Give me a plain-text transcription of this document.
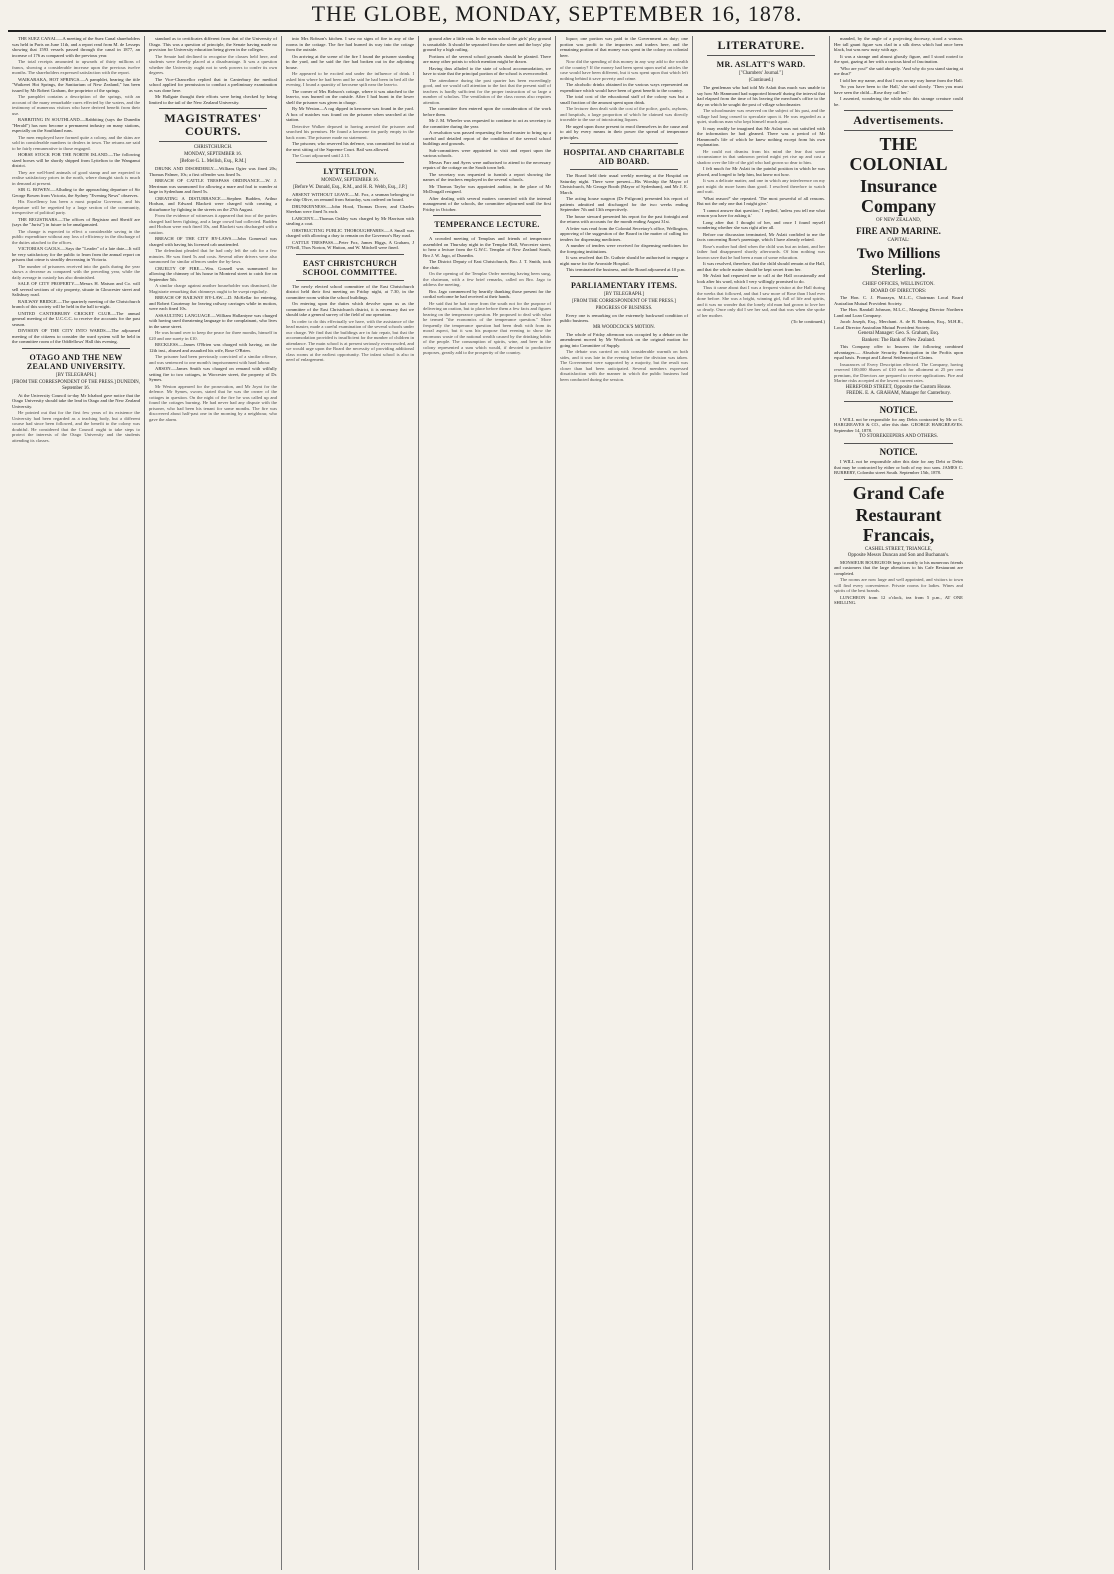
THE GLOBE, MONDAY, SEPTEMBER 16, 1878.

THE SUEZ CANAL.—A meeting of the Suez Canal shareholders was held in Paris on June 11th, and a report read from M. de Lesseps showing that 1593 vessels passed through the canal in 1877, an increase of 176 as compared with the previous year.

The total receipts amounted to upwards of thirty millions of francs, showing a considerable increase upon the previous twelve months. The shareholders expressed satisfaction with the report.

WAIKARAKA, HOT SPRINGS.—A pamphlet, bearing the title "Waikerei Hot Springs, the Sanitarium of New Zealand," has been issued by Mr Robert Graham, the proprietor of the springs.

The pamphlet contains a description of the springs, with an account of the many remarkable cures effected by the waters, and the testimony of numerous visitors who have derived benefit from their use.

RABBITING IN SOUTHLAND.—Rabbiting (says the Dunedin "Herald") has now become a permanent industry on many stations, especially on the Southland runs.

The men employed have formed quite a colony, and the skins are sold in considerable numbers to dealers in town. The returns are said to be fairly remunerative to those engaged.

HORSE STOCK FOR THE NORTH ISLAND.—The following sized horses will be shortly shipped from Lyttelton to the Wanganui district.

They are well-bred animals of good stamp and are expected to realise satisfactory prices in the north, where draught stock is much in demand at present.

SIR G. BOWEN.—Alluding to the approaching departure of Sir George Bowen from Victoria, the Sydney "Evening News" observes.

His Excellency has been a most popular Governor, and his departure will be regretted by a large section of the community, irrespective of political party.

THE REGISTRARS.—The offices of Registrar and Sheriff are (says the "Jurist") in future to be amalgamated.

The change is expected to effect a considerable saving in the public expenditure without any loss of efficiency in the discharge of the duties attached to the offices.

VICTORIAN GAOLS.—Says the "Leader" of a late date—It will be very satisfactory for the public to learn from the annual report on prisons that crime is steadily decreasing in Victoria.

The number of prisoners received into the gaols during the year shows a decrease as compared with the preceding year, while the daily average in custody has also diminished.

SALE OF CITY PROPERTY.—Messrs H. Matson and Co. will sell several sections of city property, situate in Gloucester street and Salisbury road.

RAILWAY BRIDGE.—The quarterly meeting of the Christchurch branch of this society will be held in the hall to-night.

UNITED CANTERBURY CRICKET CLUB.—The annual general meeting of the U.C.C.C. to receive the accounts for the past season.

DIVISION OF THE CITY INTO WARDS.—The adjourned meeting of the citizens to consider the ward system will be held in the committee room of the Oddfellows' Hall this evening.

OTAGO AND THE NEW ZEALAND UNIVERSITY.
[BY TELEGRAPH.]
[FROM THE CORRESPONDENT OF THE PRESS.] DUNEDIN, September 16.

At the University Council to-day Mr Ichabod gave notice that the Otago University should take the lead in Otago and the New Zealand University.

He pointed out that for the first few years of its existence the University had been regarded as a teaching body, but a different course had since been followed, and the benefit to the colony was doubtful. He considered that the Council ought to take steps to protect the interests of the Otago University and the students attending its classes.

standard as to certificates different from that of the University of Otago. This was a question of principle, the Senate having made no provision for University education being given in the colleges.

The Senate had declined to recognise the classes held here, and students were thereby placed at a disadvantage. It was a question whether the University ought not to seek powers to confer its own degrees.

The Vice-Chancellor replied that in Canterbury the medical school applied for permission to conduct a preliminary examination as was done here.

Mr Hallgate thought their efforts were being checked by being limited to the tail of the New Zealand University.

MAGISTRATES' COURTS.
CHRISTCHURCH.
MONDAY, SEPTEMBER 16.
[Before G. L. Mellish, Esq., R.M.]

DRUNK AND DISORDERLY.—William Ogier was fined 20s; Thomas Palmer, 10s; a first offender was fined 5s.

BREACH OF CATTLE TRESPASS ORDINANCE.—W. J. Merriman was summoned for allowing a mare and foal to wander at large in Sydenham and fined 5s.

CREATING A DISTURBANCE.—Stephen Budden, Arthur Hodson, and Edward Blackett were charged with creating a disturbance by fighting in the streets on the 27th August.

From the evidence of witnesses it appeared that two of the parties charged had been fighting, and a large crowd had collected. Budden and Hodson were each fined 10s, and Blackett was discharged with a caution.

BREACH OF THE CITY BY-LAWS.—John Gomersal was charged with having his licensed cab unattended.

The defendant pleaded that he had only left the cab for a few minutes. He was fined 5s and costs. Several other drivers were also summoned for similar offences under the by-laws.

CRUELTY OF FIRE.—Wm. Gosnell was summoned for allowing the chimney of his house in Montreal street to catch fire on September 5th.

A similar charge against another householder was dismissed, the Magistrate remarking that chimneys ought to be swept regularly.

BREACH OF RAILWAY BY-LAW.—D. McKellar for entering, and Robert Courtenay for leaving railway carriages while in motion, were each fined 10s.

ASSAULTING LANGUAGE.—William Hallantyne was charged with having used threatening language to the complainant, who lives in the same street.

He was bound over to keep the peace for three months, himself in £20 and one surety in £10.

RECKLESS.—James O'Brien was charged with having, on the 12th inst., abused and assaulted his wife, Rose O'Brien.

The prisoner had been previously convicted of a similar offence, and was sentenced to one month's imprisonment with hard labour.

ARSON.—James Smith was charged on remand with wilfully setting fire to two cottages, in Worcester street, the property of Dr. Symes.

Mr Weston appeared for the prosecution, and Mr Joynt for the defence. Mr Symes, sworn, stated that he was the owner of the cottages in question. On the night of the fire he was called up and found the cottages burning. He had never had any dispute with the prisoner, who had been his tenant for some months. The fire was discovered about half-past one in the morning by a neighbour, who gave the alarm.

into Mrs Robson's kitchen. I saw no signs of fire in any of the rooms in the cottage. The fire had burned its way into the cottage from the outside.

On arriving at the scene of the fire I found the prisoner standing in the yard, and he said the fire had broken out in the adjoining house.

He appeared to be excited and under the influence of drink. I asked him where he had been and he said he had been in bed all the evening. I found a quantity of kerosene spilt near the lean-to.

The corner of Mrs Robson's cottage, where it was attached to the lean-to, was burned on the outside. After I had burnt in the lower shelf the prisoner was given in charge.

By Mr Weston—A rag dipped in kerosene was found in the yard. A box of matches was found on the prisoner when searched at the station.

Detective Walker deposed to having arrested the prisoner and searched his premises. He found a kerosene tin partly empty in the back room. The prisoner made no statement.

The prisoner, who reserved his defence, was committed for trial at the next sitting of the Supreme Court. Bail was allowed.

The Court adjourned until 2.15.

LYTTELTON.
MONDAY, SEPTEMBER 16.
[Before W. Donald, Esq., R.M., and H. R. Webb, Esq., J.P.]

ABSENT WITHOUT LEAVE.—M. Fox, a seaman belonging to the ship Olive, on remand from Saturday, was ordered on board.

DRUNKENNESS.—John Hood, Thomas Dover, and Charles Sheehan were fined 5s each.

LARCENY.—Thomas Oakley was charged by Mr Harrison with stealing a coat.

OBSTRUCTING PUBLIC THOROUGHFARES.—A Small was charged with allowing a dray to remain on the Governor's Bay road.

CATTLE TRESPASS.—Peter Fox, James Higgs, A Graham, J O'Neill, Thos Norton, W Hutton, and W. Mitchell were fined.

EAST CHRISTCHURCH SCHOOL COMMITTEE.

The newly elected school committee of the East Christchurch district held their first meeting on Friday night, at 7.30, in the committee room within the school buildings.

On entering upon the duties which devolve upon us as the committee of the East Christchurch district, it is necessary that we should take a general survey of the field of our operation.

In order to do this effectually we have, with the assistance of the head master, made a careful examination of the several schools under our charge. We find that the buildings are in fair repair, but that the accommodation provided is insufficient for the number of children in attendance. The main school is at present seriously overcrowded, and we would urge upon the Board the necessity of providing additional class rooms at the earliest opportunity. The infant school is also in need of enlargement.

ground after a little rain. In the main school the girls' play ground is unsuitable. It should be separated from the street and the boys' play ground by a high railing.

Portions of the several school grounds should be planted. There are many other points to which mention might be drawn.

Having thus alluded to the state of school accommodation, we have to state that the principal portion of the school is overcrowded.

The attendance during the past quarter has been exceedingly good, and we would call attention to the fact that the present staff of teachers is hardly sufficient for the proper instruction of so large a number of scholars. The ventilation of the class rooms also requires attention.

The committee then entered upon the consideration of the work before them.

Mr J. M. Wheeler was requested to continue to act as secretary to the committee during the year.

A resolution was passed requesting the head master to bring up a careful and detailed report of the condition of the several school buildings and grounds.

Sub-committees were appointed to visit and report upon the various schools.

Messrs Farr and Ayers were authorised to attend to the necessary repairs of the cottage on the South town belt.

The secretary was requested to furnish a report showing the names of the teachers employed in the several schools.

Mr Thomas Taylor was appointed auditor, in the place of Mr McDougall resigned.

After dealing with several matters connected with the internal management of the schools, the committee adjourned until the first Friday in October.

TEMPERANCE LECTURE.

A crowded meeting of Templars and friends of temperance assembled on Thursday night in the Templar Hall, Worcester street, to hear a lecture from the G.W.C. Templar of New Zealand South, Bro J. W. Jago, of Dunedin.

The District Deputy of East Christchurch, Bro. J. T. Smith, took the chair.

On the opening of the Templar Order meeting having been sung, the chairman, with a few brief remarks, called on Bro. Jago to address the meeting.

Bro. Jago commenced by heartily thanking those present for the cordial welcome he had received at their hands.

He said that he had come from the south not for the purpose of delivering an oration, but to place before them a few facts and figures bearing on the temperance question. He proposed to deal with what he termed "the economics of the temperance question." More frequently the temperance question had been dealt with from its moral aspect, but it was his purpose that evening to show the enormous waste of the national wealth caused by the drinking habits of the people. The consumption of spirits, wine, and beer in the colony represented a sum which would, if devoted to productive purposes, greatly add to the prosperity of the country.

liquor; one portion was paid to the Government as duty; one portion was profit to the importers and traders here, and the remaining portion of that money was spent in the colony on colonial beer.

Now did the spending of this money in any way add to the wealth of the country? If the money had been spent upon useful articles the case would have been different, but it was spent upon that which left nothing behind it save poverty and crime.

The alcoholic drinks obtained in the various ways represented an expenditure which would have been of great benefit to the country.

The total cost of the educational staff of the colony was but a small fraction of the amount spent upon drink.

The lecturer then dealt with the cost of the police, gaols, asylums, and hospitals, a large proportion of which he claimed was directly traceable to the use of intoxicating liquors.

He urged upon those present to enrol themselves in the cause and to aid by every means in their power the spread of temperance principles.

HOSPITAL AND CHARITABLE AID BOARD.

The Board held their usual weekly meeting at the Hospital on Saturday night. There were present—His Worship the Mayor of Christchurch, Mr George Booth (Mayor of Sydenham), and Mr J. E. March.

The acting house surgeon (Dr Prilgrom) presented his report of patients admitted and discharged for the two weeks ending September 7th and 13th respectively.

The house steward presented his report for the past fortnight and the returns with accounts for the month ending August 31st.

A letter was read from the Colonial Secretary's office, Wellington, approving of the suggestion of the Board in the matter of calling for tenders for dispensing medicines.

A number of tenders were received for dispensing medicines for the foregoing institutions.

It was resolved that Dr. Guthrie should be authorised to engage a night nurse for the Avonside Hospital.

This terminated the business, and the Board adjourned at 10 p.m.

PARLIAMENTARY ITEMS.
[BY TELEGRAPH.]
[FROM THE CORRESPONDENT OF THE PRESS.]
PROGRESS OF BUSINESS.

Every one is remarking on the extremely backward condition of public business.

MR WOODCOCK'S MOTION.

The whole of Friday afternoon was occupied by a debate on the amendment moved by Mr Woodcock on the original motion for going into Committee of Supply.

The debate was carried on with considerable warmth on both sides, and it was late in the evening before the division was taken. The Government were supported by a majority, but the result was closer than had been anticipated. Several members expressed dissatisfaction with the manner in which the public business had been conducted during the session.

LITERATURE.
MR. ASLATT'S WARD.
["Chambers' Journal."]
(Continued.)

The gentleman who had told Mr Aslatt thus much was unable to say how Mr Hammond had supported himself during the interval that had elapsed from the time of his leaving the merchant's office to the day on which he sought the post of village schoolmaster.

The schoolmaster was reserved on the subject of his past, and the village had long ceased to speculate upon it. He was regarded as a quiet, studious man who kept himself much apart.

It may readily be imagined that Mr Aslatt was not satisfied with the information he had gleaned. There was a period of Mr Hammond's life of which he knew nothing except from his own explanation.

He could not dismiss from his mind the fear that some circumstance in that unknown period might yet rise up and cast a shadow over the life of the girl who had grown so dear to him.

I felt much for Mr Aslatt in the painful position in which he was placed, and longed to help him, but knew not how.

It was a delicate matter, and one in which any interference on my part might do more harm than good. I resolved therefore to watch and wait.

'What reason?' she repeated. 'The most powerful of all reasons. But not the only one that I might give.'

'I cannot answer that question,' I replied, 'unless you tell me what reason you have for asking it.'

Long after that I thought of her, and once I found myself wondering whether she was right after all.

Before our discussion terminated, Mr Aslatt confided to me the facts concerning Rose's parentage, which I have already related.

Rose's mother had died when the child was but an infant, and her father had disappeared shortly afterwards. Of him nothing was known save that he had been a man of some education.

It was resolved, therefore, that the child should remain at the Hall, and that the whole matter should be kept secret from her.

Mr Aslatt had requested me to call at the Hall occasionally and look after his ward, which I very willingly promised to do.

Thus it came about that I was a frequent visitor at the Hall during the weeks that followed, and that I saw more of Rose than I had ever done before. She was a bright, winning girl, full of life and spirits, and it was no wonder that the lonely old man had grown to love her so dearly. Once only did I see her sad, and that was when she spoke of her mother.

(To be continued.)

manded, by the angle of a projecting doorway, stood a woman. Her tall gaunt figure was clad in a silk dress which had once been black, but was now rusty with age.

It was a strange and almost ghostly figure, and I stood rooted to the spot, gazing at her with a curious kind of fascination.

'Who are you?' she said abruptly. 'And why do you stand staring at me thus?'

I told her my name, and that I was on my way home from the Hall.

'So you have been to the Hall,' she said slowly. 'Then you must have seen the child—Rose they call her.'

I assented, wondering the while who this strange creature could be.

Advertisements.
THE COLONIAL
Insurance Company
OF NEW ZEALAND,
FIRE AND MARINE.
CAPITAL:
Two Millions Sterling.
CHIEF OFFICES, WELLINGTON.
BOARD OF DIRECTORS:

The Hon. C. J. Pharazyn, M.L.C., Chairman Local Board Australian Mutual Provident Society.

The Hon. Randall Johnson, M.L.C., Managing Director Northern Land and Loan Company.

Jacob Joseph, Esq., Merchant. A. de B. Brandon, Esq., M.H.R., Local Director Australian Mutual Provident Society.

General Manager: Geo. S. Graham, Esq.
Bankers: The Bank of New Zealand.

This Company offer to Insurers the following combined advantages:— Absolute Security. Participation in the Profits upon equal basis. Prompt and Liberal Settlement of Claims.

Insurances of Every Description effected. The Company, having reserved 100,000 Shares of £10 each for allotment at 25 per cent premium, the Directors are prepared to receive applications. Fire and Marine risks accepted at the lowest current rates.

HEREFORD STREET, Opposite the Custom House.
FREDK. E. A. GRAHAM, Manager for Canterbury.
NOTICE.

I WILL not be responsible for any Debts contracted by Mr or G. HARGREAVES & CO., after this date. GEORGE HARGREAVES. September 14, 1878.

TO STOREKEEPERS AND OTHERS.
NOTICE.

I WILL not be responsible after this date for any Debt or Debts that may be contracted by either or both of my two sons. JAMES C. BURBERY, Colombo street South. September 15th, 1878.

Grand Cafe
Restaurant Francais,
CASHEL STREET, TRIANGLE,
Opposite Messrs Duncan and Son and Buchanan's.

MONSIEUR BOURGEOIS begs to notify to his numerous friends and customers that the large alterations to his Cafe Restaurant are completed.

The rooms are now large and well appointed, and visitors to town will find every convenience. Private rooms for ladies. Wines and spirits of the best brands.

LUNCHEON from 12 o'clock, tea from 5 p.m., AT ONE SHILLING.
